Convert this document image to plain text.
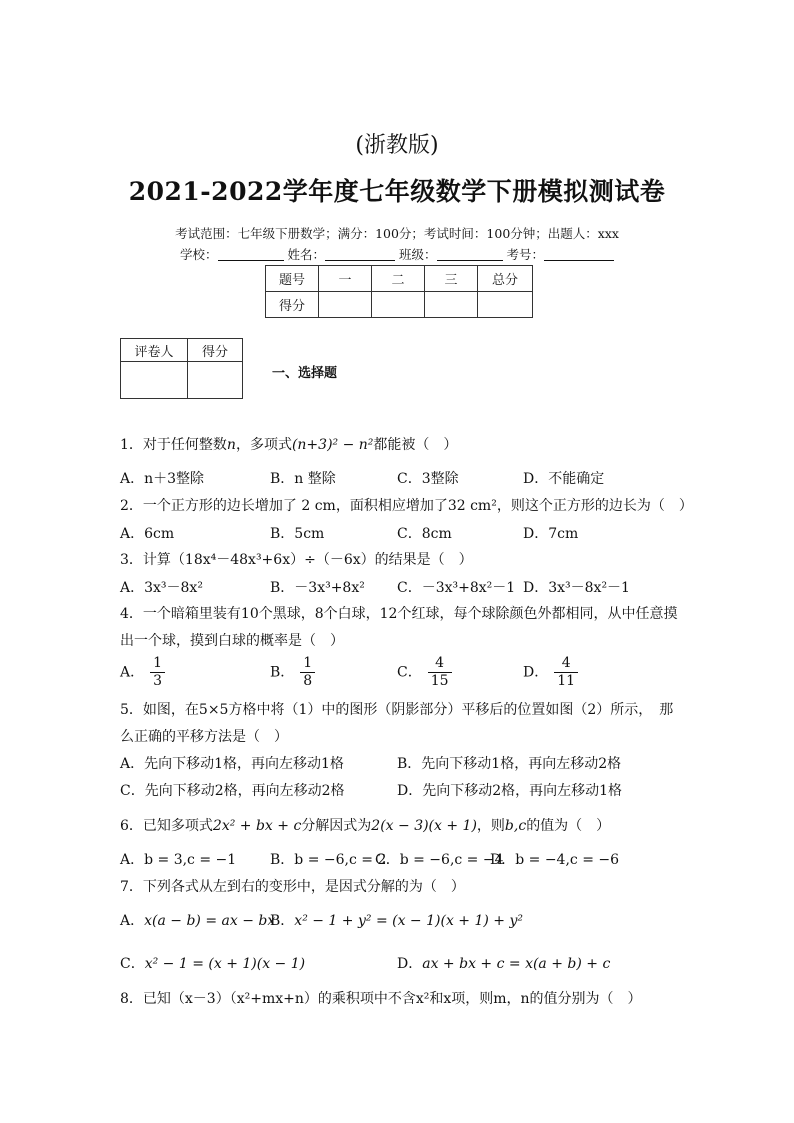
(浙教版)
2021-2022学年度七年级数学下册模拟测试卷
考试范围：七年级下册数学；满分：100分；考试时间：100分钟；出题人：xxx
学校：	姓名：	班级：	考号：
题号	一	二	三	总分
得分				
评卷人	得分

一、选择题
1．对于任何整数n，多项式(n+3)² − n²都能被（　）
A．n＋3整除	B．n 整除	C．3整除	D．不能确定
2．一个正方形的边长增加了 2 cm，面积相应增加了32 cm²，则这个正方形的边长为（　）
A．6cm	B．5cm	C．8cm	D．7cm
3．计算（18x⁴－48x³+6x）÷（－6x）的结果是（　）
A．3x³－8x²	B．－3x³+8x² C．－3x³+8x²－1 D．3x³－8x²－1
4．一个暗箱里装有10个黑球，8个白球，12个红球，每个球除颜色外都相同，从中任意摸
出一个球，摸到白球的概率是（　）
A． $\frac{1}{3}$	B． $\frac{1}{8}$	C． $\frac{4}{15}$	D． $\frac{4}{11}$
5．如图，在5×5方格中将（1）中的图形（阴影部分）平移后的位置如图（2）所示，　那
么正确的平移方法是（　）
A．先向下移动1格，再向左移动1格	B．先向下移动1格，再向左移动2格
C．先向下移动2格，再向左移动2格	D．先向下移动2格，再向左移动1格
6．已知多项式2x² + bx + c分解因式为2(x − 3)(x + 1)，则b,c的值为（　）
A．b = 3,c = −1 B．b = −6,c = 2
C．b = −6,c = −4
D．b = −4,c = −6
7．下列各式从左到右的变形中，是因式分解的为（　）
A．x(a − b) = ax − bx
B．x² − 1 + y² = (x − 1)(x + 1) + y²
C．x² − 1 = (x + 1)(x − 1)	D．ax + bx + c = x(a + b) + c
8．已知（x－3）（x²+mx+n）的乘积项中不含x²和x项，则m，n的值分别为（　）
